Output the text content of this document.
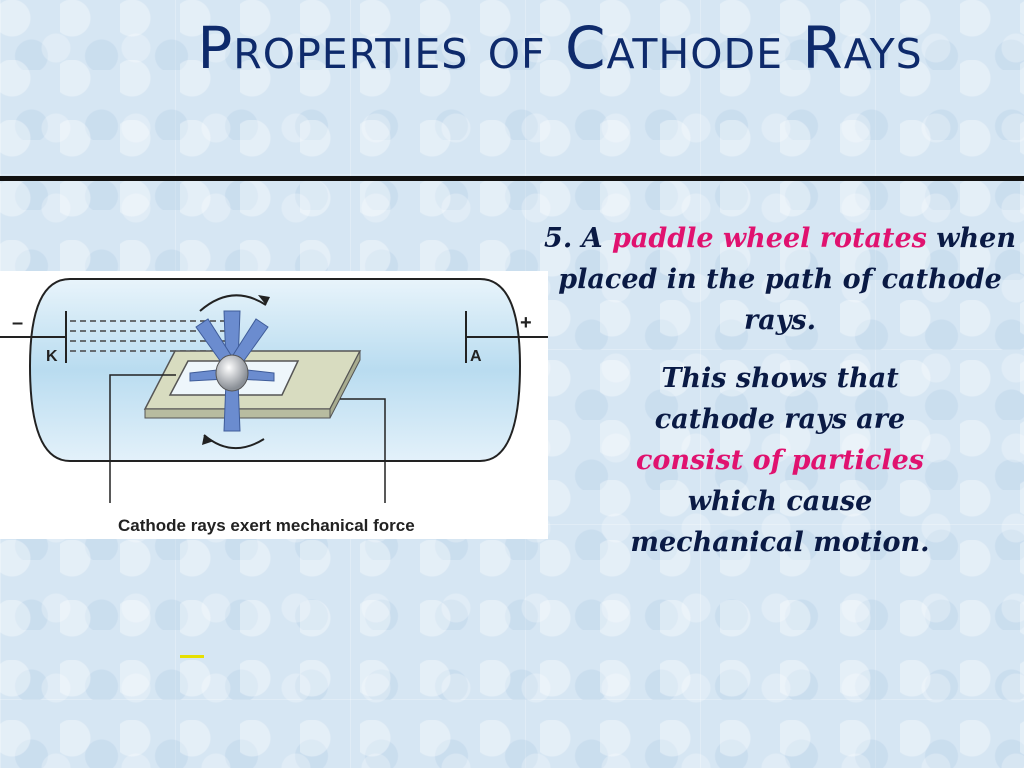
Properties of Cathode Rays
–	+
K	A
Cathode rays exert mechanical force

5. A paddle wheel rotates when placed in the path of cathode rays.

This shows that cathode rays are consist of particles which cause mechanical motion.
